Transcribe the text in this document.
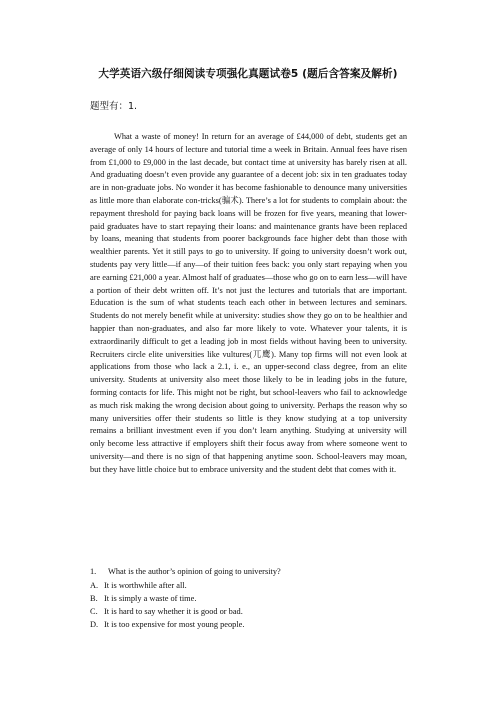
大学英语六级仔细阅读专项强化真题试卷5 (题后含答案及解析)
题型有：1.

What a waste of money! In return for an average of £44,000 of debt, students get an average of only 14 hours of lecture and tutorial time a week in Britain. Annual fees have risen from £1,000 to £9,000 in the last decade, but contact time at university has barely risen at all. And graduating doesn’t even provide any guarantee of a decent job: six in ten graduates today are in non-graduate jobs. No wonder it has become fashionable to denounce many universities as little more than elaborate con-tricks(骗术). There’s a lot for students to complain about: the repayment threshold for paying back loans will be frozen for five years, meaning that lower-paid graduates have to start repaying their loans: and maintenance grants have been replaced by loans, meaning that students from poorer backgrounds face higher debt than those with wealthier parents. Yet it still pays to go to university. If going to university doesn’t work out, students pay very little—if any—of their tuition fees back: you only start repaying when you are earning £21,000 a year. Almost half of graduates—those who go on to earn less—will have a portion of their debt written off. It’s not just the lectures and tutorials that are important. Education is the sum of what students teach each other in between lectures and seminars. Students do not merely benefit while at university: studies show they go on to be healthier and happier than non-graduates, and also far more likely to vote. Whatever your talents, it is extraordinarily difficult to get a leading job in most fields without having been to university. Recruiters circle elite universities like vultures(兀鹰). Many top firms will not even look at applications from those who lack a 2.1, i. e., an upper-second class degree, from an elite university. Students at university also meet those likely to be in leading jobs in the future, forming contacts for life. This might not be right, but school-leavers who fail to acknowledge as much risk making the wrong decision about going to university. Perhaps the reason why so many universities offer their students so little is they know studying at a top university remains a brilliant investment even if you don’t learn anything. Studying at university will only become less attractive if employers shift their focus away from where someone went to university—and there is no sign of that happening anytime soon. School-leavers may moan, but they have little choice but to embrace university and the student debt that comes with it.

1. What is the author’s opinion of going to university?
A. It is worthwhile after all.
B. It is simply a waste of time.
C. It is hard to say whether it is good or bad.
D. It is too expensive for most young people.
